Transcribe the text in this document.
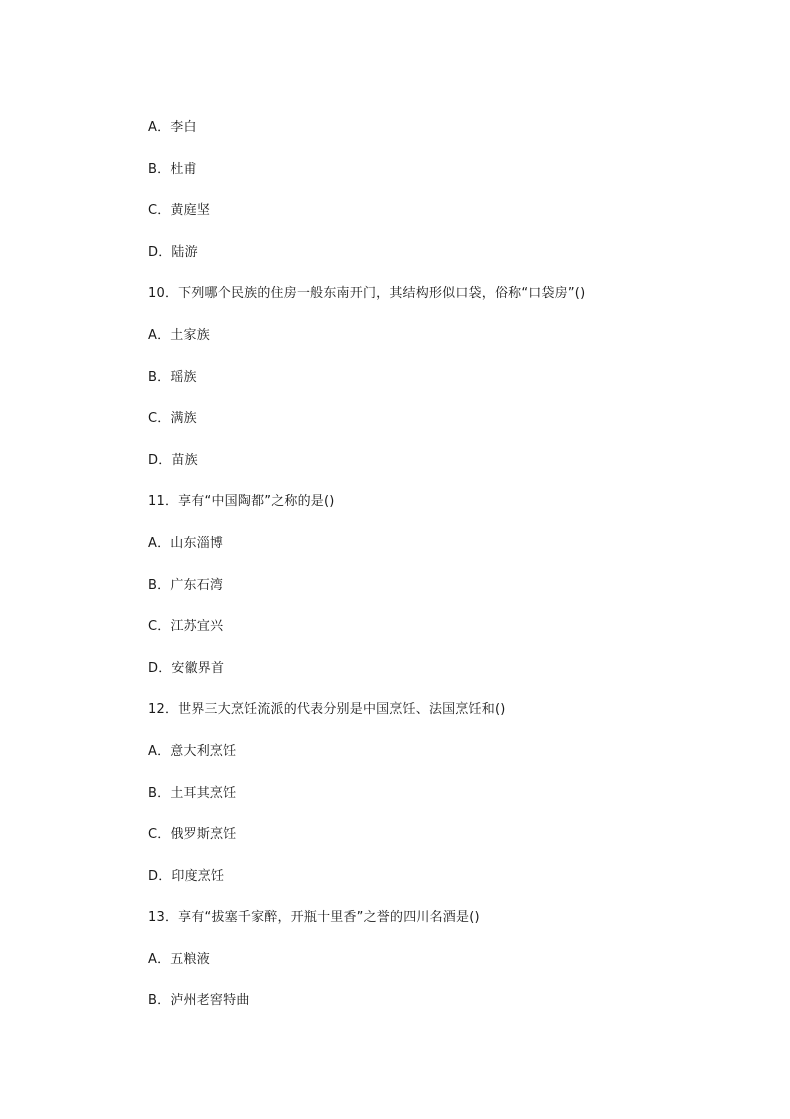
A．李白
B．杜甫
C．黄庭坚
D．陆游
10．下列哪个民族的住房一般东南开门，其结构形似口袋，俗称“口袋房”()
A．土家族
B．瑶族
C．满族
D．苗族
11．享有“中国陶都”之称的是()
A．山东淄博
B．广东石湾
C．江苏宜兴
D．安徽界首
12．世界三大烹饪流派的代表分别是中国烹饪、法国烹饪和()
A．意大利烹饪
B．土耳其烹饪
C．俄罗斯烹饪
D．印度烹饪
13．享有“拔塞千家醉，开瓶十里香”之誉的四川名酒是()
A．五粮液
B．泸州老窖特曲
